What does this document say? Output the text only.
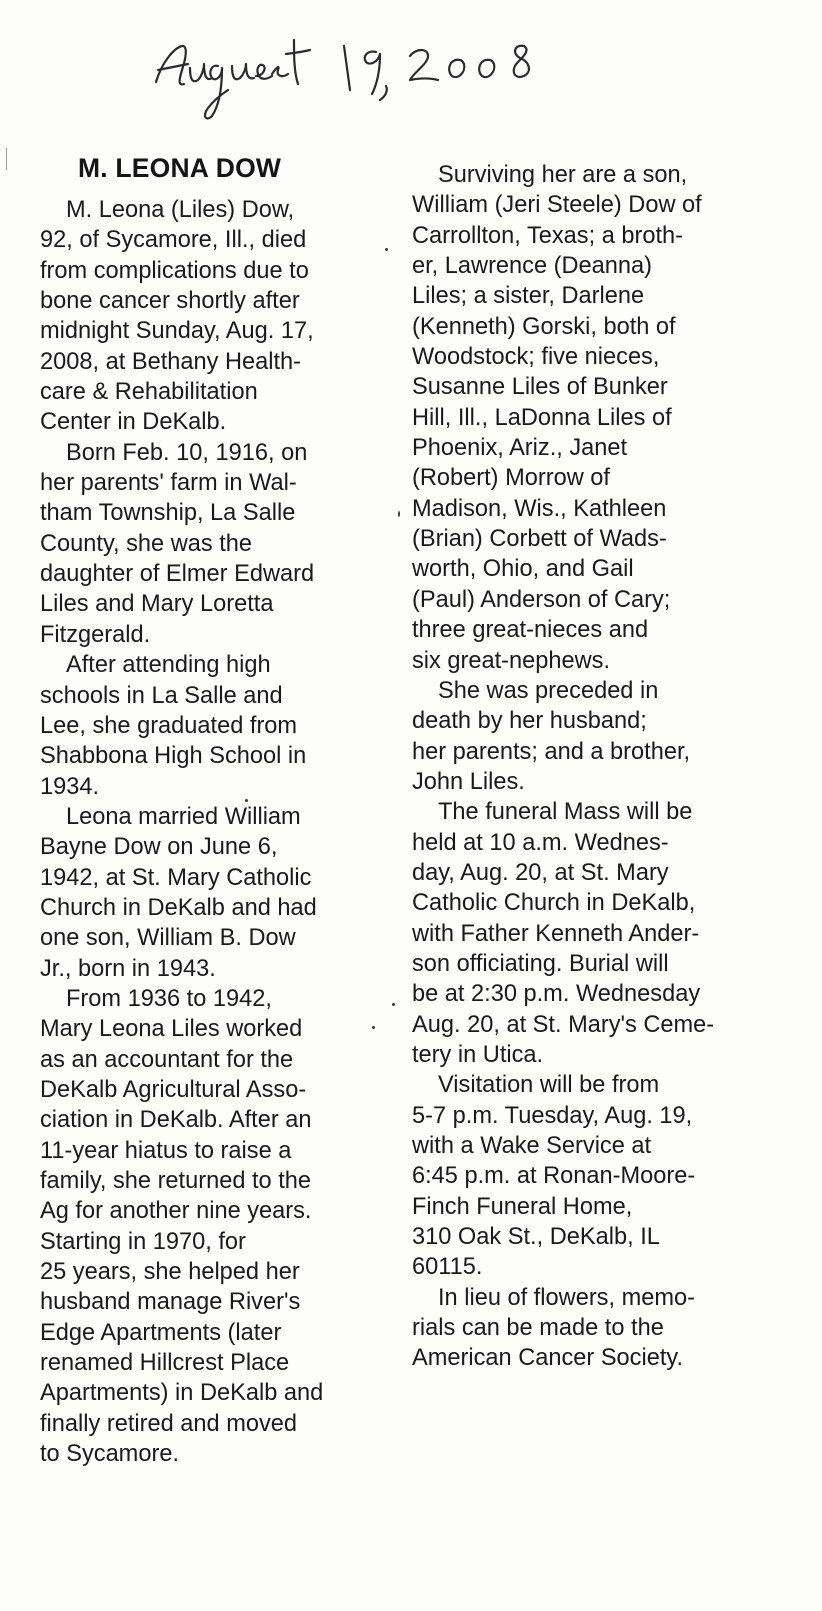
M. LEONA DOW
M. Leona (Liles) Dow,
92, of Sycamore, Ill., died
from complications due to
bone cancer shortly after
midnight Sunday, Aug. 17,
2008, at Bethany Health-
care & Rehabilitation
Center in DeKalb.
Born Feb. 10, 1916, on
her parents' farm in Wal-
tham Township, La Salle
County, she was the
daughter of Elmer Edward
Liles and Mary Loretta
Fitzgerald.
After attending high
schools in La Salle and
Lee, she graduated from
Shabbona High School in
1934.
Leona married William
Bayne Dow on June 6,
1942, at St. Mary Catholic
Church in DeKalb and had
one son, William B. Dow
Jr., born in 1943.
From 1936 to 1942,
Mary Leona Liles worked
as an accountant for the
DeKalb Agricultural Asso-
ciation in DeKalb. After an
11-year hiatus to raise a
family, she returned to the
Ag for another nine years.
Starting in 1970, for
25 years, she helped her
husband manage River's
Edge Apartments (later
renamed Hillcrest Place
Apartments) in DeKalb and
finally retired and moved
to Sycamore.
Surviving her are a son,
William (Jeri Steele) Dow of
Carrollton, Texas; a broth-
er, Lawrence (Deanna)
Liles; a sister, Darlene
(Kenneth) Gorski, both of
Woodstock; five nieces,
Susanne Liles of Bunker
Hill, Ill., LaDonna Liles of
Phoenix, Ariz., Janet
(Robert) Morrow of
Madison, Wis., Kathleen
(Brian) Corbett of Wads-
worth, Ohio, and Gail
(Paul) Anderson of Cary;
three great-nieces and
six great-nephews.
She was preceded in
death by her husband;
her parents; and a brother,
John Liles.
The funeral Mass will be
held at 10 a.m. Wednes-
day, Aug. 20, at St. Mary
Catholic Church in DeKalb,
with Father Kenneth Ander-
son officiating. Burial will
be at 2:30 p.m. Wednesday
Aug. 20, at St. Mary's Ceme-
tery in Utica.
Visitation will be from
5-7 p.m. Tuesday, Aug. 19,
with a Wake Service at
6:45 p.m. at Ronan-Moore-
Finch Funeral Home,
310 Oak St., DeKalb, IL
60115.
In lieu of flowers, memo-
rials can be made to the
American Cancer Society.
